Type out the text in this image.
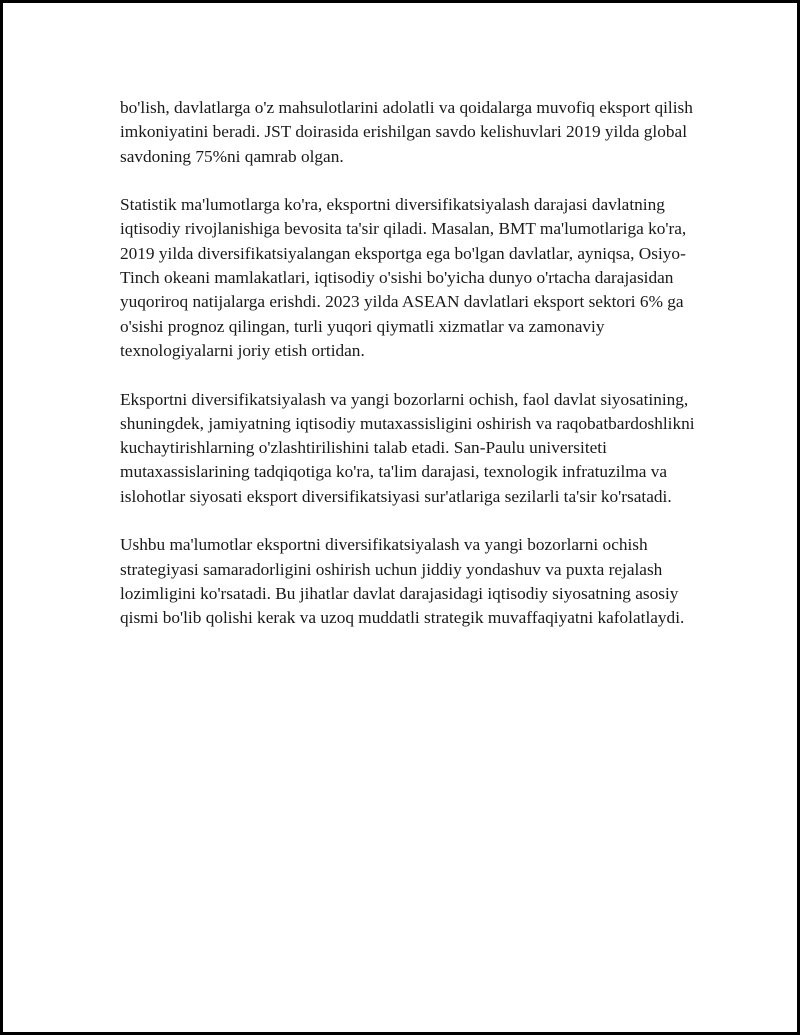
bo'lish, davlatlarga o'z mahsulotlarini adolatli va qoidalarga muvofiq eksport qilish imkoniyatini beradi. JST doirasida erishilgan savdo kelishuvlari 2019 yilda global savdoning 75%ni qamrab olgan.

Statistik ma'lumotlarga ko'ra, eksportni diversifikatsiyalash darajasi davlatning iqtisodiy rivojlanishiga bevosita ta'sir qiladi. Masalan, BMT ma'lumotlariga ko'ra, 2019 yilda diversifikatsiyalangan eksportga ega bo'lgan davlatlar, ayniqsa, Osiyo-Tinch okeani mamlakatlari, iqtisodiy o'sishi bo'yicha dunyo o'rtacha darajasidan yuqoriroq natijalarga erishdi. 2023 yilda ASEAN davlatlari eksport sektori 6% ga o'sishi prognoz qilingan, turli yuqori qiymatli xizmatlar va zamonaviy texnologiyalarni joriy etish ortidan.

Eksportni diversifikatsiyalash va yangi bozorlarni ochish, faol davlat siyosatining, shuningdek, jamiyatning iqtisodiy mutaxassisligini oshirish va raqobatbardoshlikni kuchaytirishlarning o'zlashtirilishini talab etadi. San-Paulu universiteti mutaxassislarining tadqiqotiga ko'ra, ta'lim darajasi, texnologik infratuzilma va islohotlar siyosati eksport diversifikatsiyasi sur'atlariga sezilarli ta'sir ko'rsatadi.

Ushbu ma'lumotlar eksportni diversifikatsiyalash va yangi bozorlarni ochish strategiyasi samaradorligini oshirish uchun jiddiy yondashuv va puxta rejalash lozimligini ko'rsatadi. Bu jihatlar davlat darajasidagi iqtisodiy siyosatning asosiy qismi bo'lib qolishi kerak va uzoq muddatli strategik muvaffaqiyatni kafolatlaydi.
